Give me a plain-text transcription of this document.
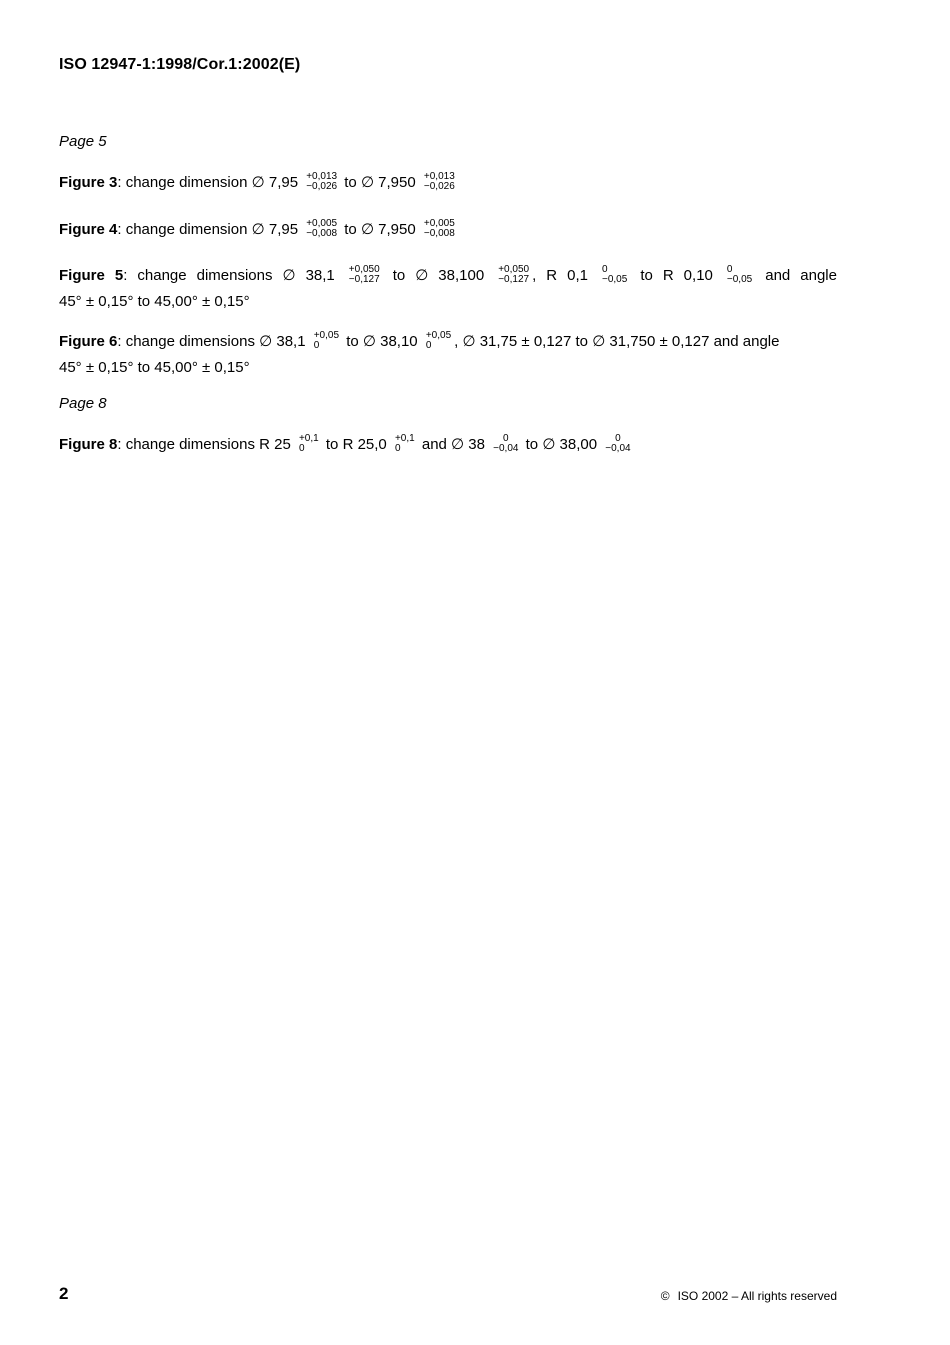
ISO 12947-1:1998/Cor.1:2002(E)
Page 5
Figure 3: change dimension ∅ 7,95 +0,013
−0,026 to ∅ 7,950 +0,013
−0,026
Figure 4: change dimension ∅ 7,95 +0,005
−0,008 to ∅ 7,950 +0,005
−0,008
Figure 5: change dimensions ∅ 38,1 +0,050
−0,127 to ∅ 38,100 +0,050
−0,127 , R 0,1 0
−0,05 to R 0,10 0
−0,05 and angle
45° ± 0,15° to 45,00° ± 0,15°
Figure 6: change dimensions ∅ 38,1 +0,05
0	to ∅ 38,10 +0,05
0	, ∅ 31,75 ± 0,127 to ∅ 31,750 ± 0,127 and angle
45° ± 0,15° to 45,00° ± 0,15°
Page 8
Figure 8: change dimensions R 25 +0,1
0	to R 25,0 +0,1
0	and ∅ 38	0
−0,04 to ∅ 38,00	0
−0,04
2	© ISO 2002 – All rights reserved
